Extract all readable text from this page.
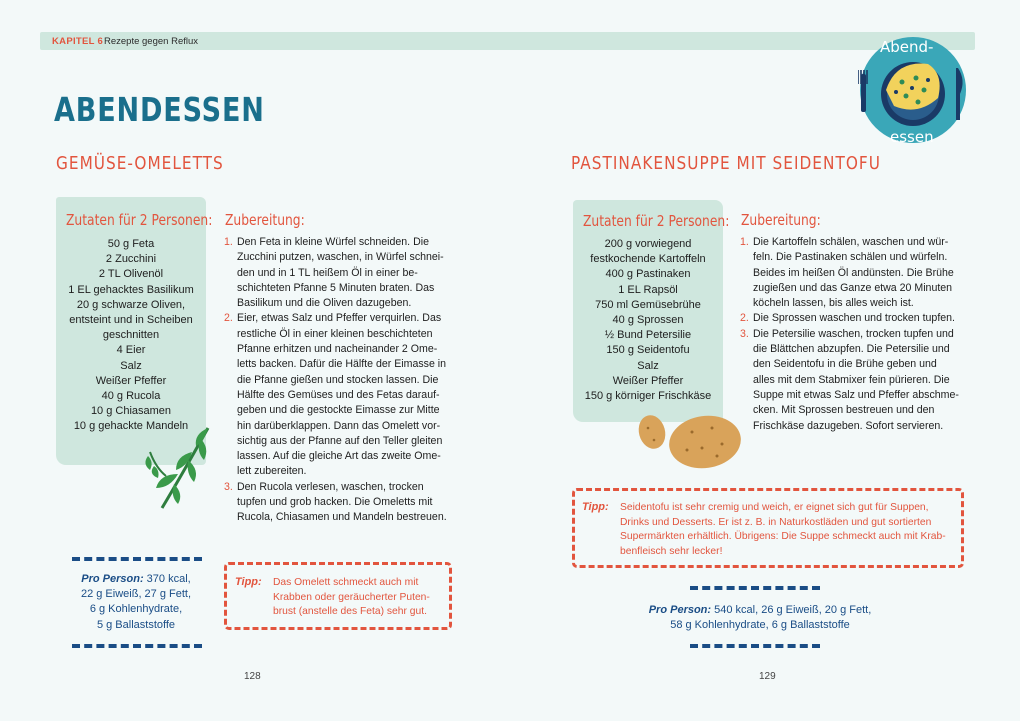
KAPITEL 6 Rezepte gegen Reflux	Abend-
essen
ABENDESSEN
GEMÜSE-OMELETTS
Zutaten für 2 Personen:
50 g Feta
2 Zucchini
2 TL Olivenöl
1 EL gehacktes Basilikum
20 g schwarze Oliven,
entsteint und in Scheiben
geschnitten
4 Eier
Salz
Weißer Pfeffer
40 g Rucola
10 g Chiasamen
10 g gehackte Mandeln
Zubereitung:
1. Den Feta in kleine Würfel schneiden. Die
Zucchini putzen, waschen, in Würfel schnei-
den und in 1 TL heißem Öl in einer be-
schichteten Pfanne 5 Minuten braten. Das
Basilikum und die Oliven dazugeben.
2. Eier, etwas Salz und Pfeffer verquirlen. Das
restliche Öl in einer kleinen beschichteten
Pfanne erhitzen und nacheinander 2 Ome-
letts backen. Dafür die Hälfte der Eimasse in
die Pfanne gießen und stocken lassen. Die
Hälfte des Gemüses und des Fetas darauf-
geben und die gestockte Eimasse zur Mitte
hin darüberklappen. Dann das Omelett vor-
sichtig aus der Pfanne auf den Teller gleiten
lassen. Auf die gleiche Art das zweite Ome-
lett zubereiten.
3. Den Rucola verlesen, waschen, trocken
tupfen und grob hacken. Die Omeletts mit
Rucola, Chiasamen und Mandeln bestreuen.
Pro Person: 370 kcal,
22 g Eiweiß, 27 g Fett,
6 g Kohlenhydrate,
5 g Ballaststoffe
Tipp: Das Omelett schmeckt auch mit
Krabben oder geräucherter Puten-
brust (anstelle des Feta) sehr gut.
PASTINAKENSUPPE MIT SEIDENTOFU
Zutaten für 2 Personen:
200 g vorwiegend
festkochende Kartoffeln
400 g Pastinaken
1 EL Rapsöl
750 ml Gemüsebrühe
40 g Sprossen
½ Bund Petersilie
150 g Seidentofu
Salz
Weißer Pfeffer
150 g körniger Frischkäse
Zubereitung:
1. Die Kartoffeln schälen, waschen und wür-
feln. Die Pastinaken schälen und würfeln.
Beides im heißen Öl andünsten. Die Brühe
zugießen und das Ganze etwa 20 Minuten
köcheln lassen, bis alles weich ist.
2. Die Sprossen waschen und trocken tupfen.
3. Die Petersilie waschen, trocken tupfen und
die Blättchen abzupfen. Die Petersilie und
den Seidentofu in die Brühe geben und
alles mit dem Stabmixer fein pürieren. Die
Suppe mit etwas Salz und Pfeffer abschme-
cken. Mit Sprossen bestreuen und den
Frischkäse dazugeben. Sofort servieren.
Tipp: Seidentofu ist sehr cremig und weich, er eignet sich gut für Suppen,
Drinks und Desserts. Er ist z. B. in Naturkostläden und gut sortierten
Supermärkten erhältlich. Übrigens: Die Suppe schmeckt auch mit Krab-
benfleisch sehr lecker!
Pro Person: 540 kcal, 26 g Eiweiß, 20 g Fett,
58 g Kohlenhydrate, 6 g Ballaststoffe
128	129
